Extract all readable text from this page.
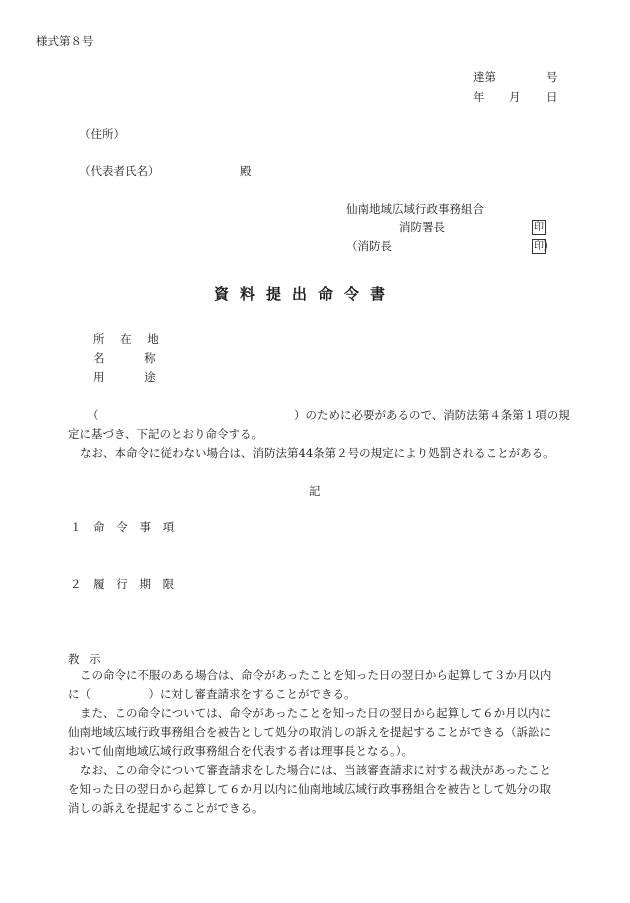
様式第８号
達第	号
年 月 日
（住所）
（代表者氏名）	殿
仙南地域広域行政事務組合
消防署長	印
（消防長	印 ）
資料提出命令書
所 在 地
名 称
用 途
（	）のために必要があるので、消防法第４条第１項の規
定に基づき、下記のとおり命令する。
なお、本命令に従わない場合は、消防法第44条第２号の規定により処罰されることがある。
記
１ 命 令 事 項
２ 履 行 期 限
教 示
この命令に不服のある場合は、命令があったことを知った日の翌日から起算して３か月以内
に（　　　　　）に対し審査請求をすることができる。
また、この命令については、命令があったことを知った日の翌日から起算して６か月以内に
仙南地域広域行政事務組合を被告として処分の取消しの訴えを提起することができる（訴訟に
おいて仙南地域広域行政事務組合を代表する者は理事長となる。）。
なお、この命令について審査請求をした場合には、当該審査請求に対する裁決があったこと
を知った日の翌日から起算して６か月以内に仙南地域広域行政事務組合を被告として処分の取
消しの訴えを提起することができる。
